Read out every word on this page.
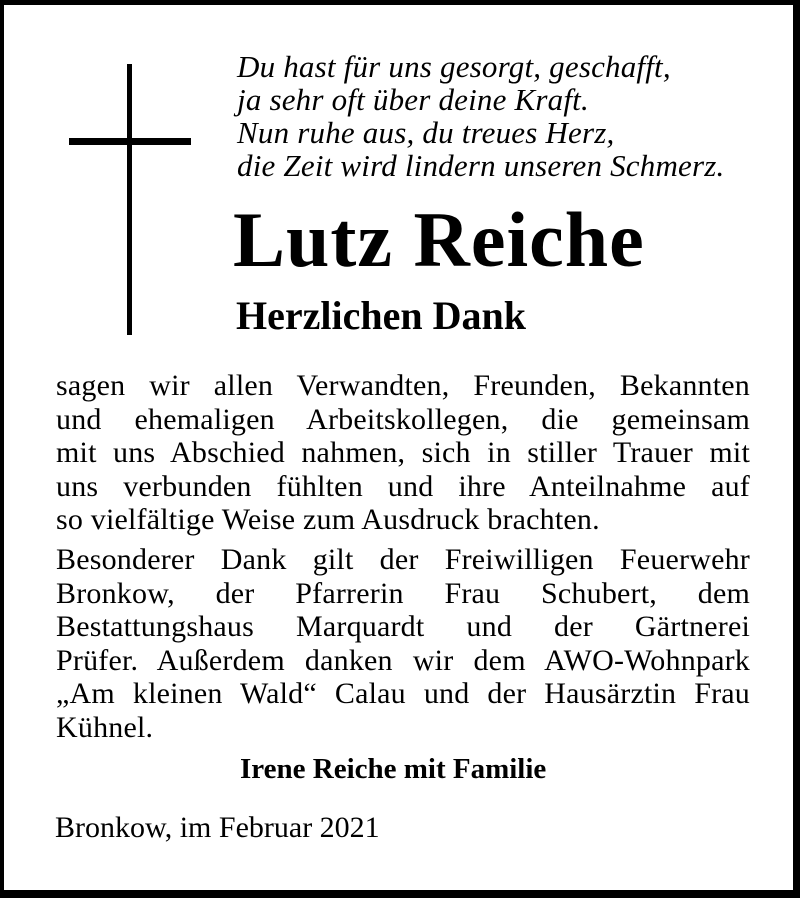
Du hast für uns gesorgt, geschafft,
ja sehr oft über deine Kraft.
Nun ruhe aus, du treues Herz,
die Zeit wird lindern unseren Schmerz.
Lutz Reiche
Herzlichen Dank

sagen wir allen Verwandten, Freunden, Bekannten
und ehemaligen Arbeitskollegen, die gemeinsam
mit uns Abschied nahmen, sich in stiller Trauer mit
uns verbunden fühlten und ihre Anteilnahme auf
so vielfältige Weise zum Ausdruck brachten.

Besonderer Dank gilt der Freiwilligen Feuerwehr
Bronkow, der Pfarrerin Frau Schubert, dem
Bestattungshaus Marquardt und der Gärtnerei
Prüfer. Außerdem danken wir dem AWO-Wohnpark
„Am kleinen Wald“ Calau und der Hausärztin Frau
Kühnel.

Irene Reiche mit Familie
Bronkow, im Februar 2021
